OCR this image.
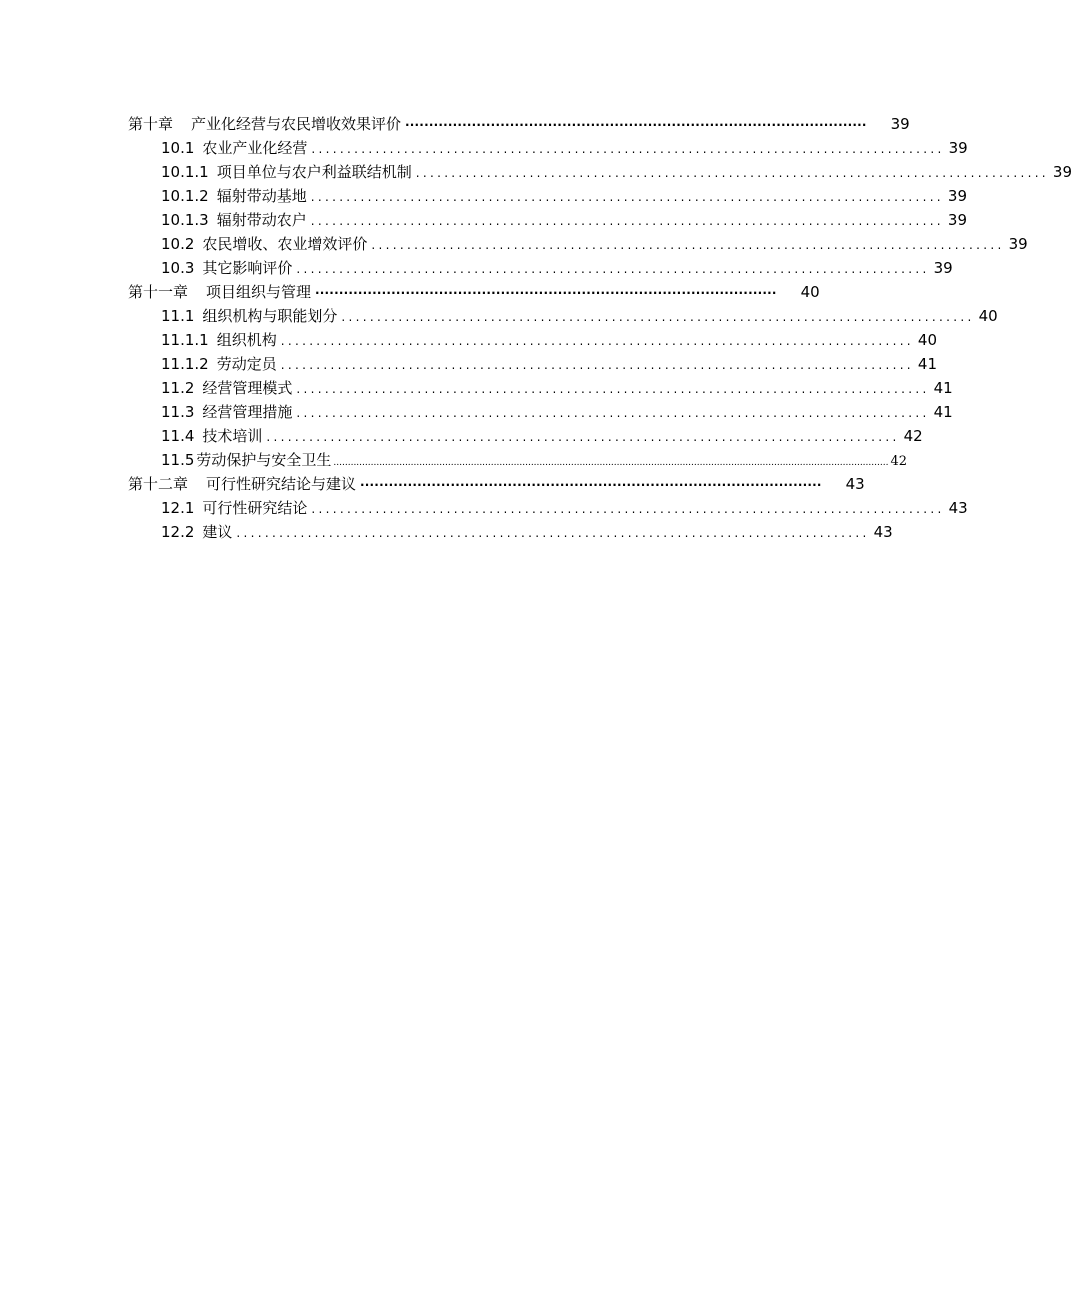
第十章 产业化经营与农民增收效果评价 ································································································· 39
10.1 农业产业化经营 ......................................................................................... 39
10.1.1 项目单位与农户利益联结机制 ......................................................................................... 39
10.1.2 辐射带动基地 ......................................................................................... 39
10.1.3 辐射带动农户 ......................................................................................... 39
10.2 农民增收、农业增效评价 ......................................................................................... 39
10.3 其它影响评价 ......................................................................................... 39
第十一章 项目组织与管理 ································································································· 40
11.1 组织机构与职能划分 ......................................................................................... 40
11.1.1 组织机构 ......................................................................................... 40
11.1.2 劳动定员 ......................................................................................... 41
11.2 经营管理模式 ......................................................................................... 41
11.3 经营管理措施 ......................................................................................... 41
11.4 技术培训 ......................................................................................... 42
11.5 劳动保护与安全卫生 .................................................................................................................................................................................................. 42
第十二章 可行性研究结论与建议 ································································································· 43
12.1 可行性研究结论 ......................................................................................... 43
12.2 建议 ......................................................................................... 43
